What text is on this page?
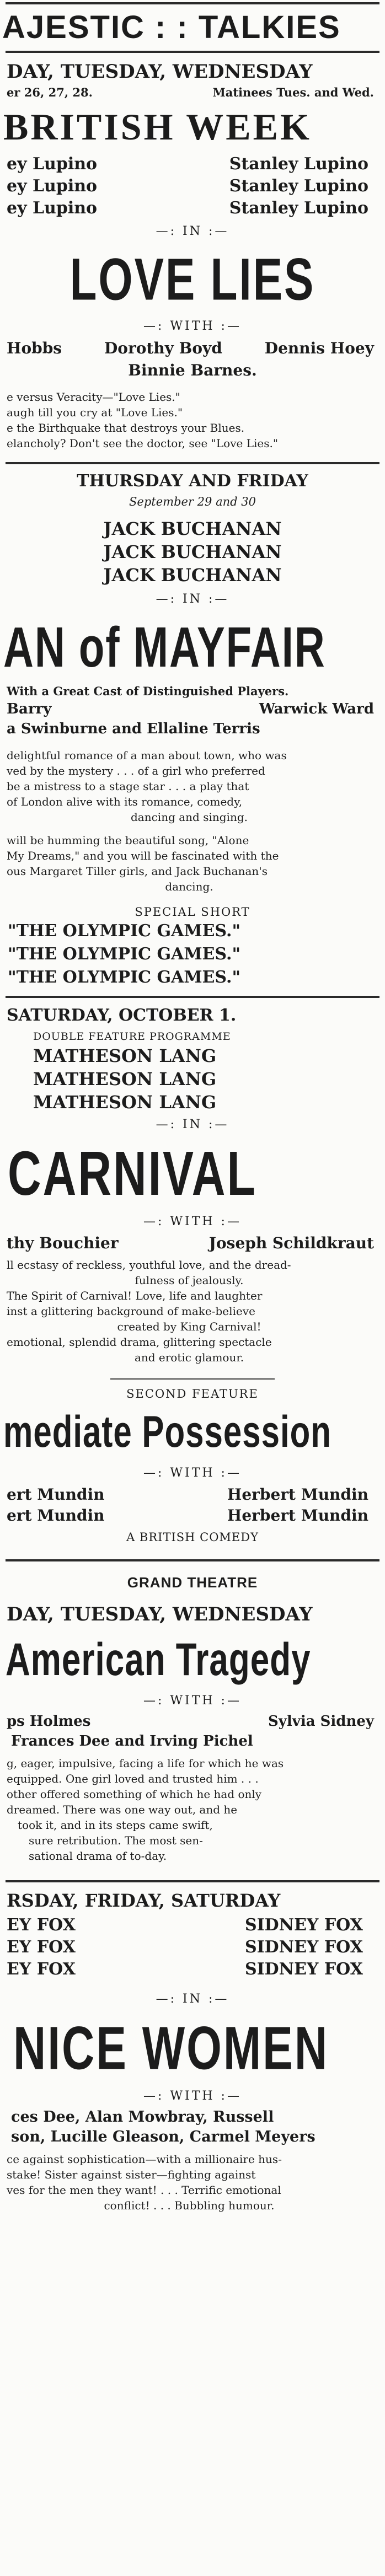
AJESTIC : : TALKIES
DAY, TUESDAY, WEDNESDAY
er 26, 27, 28.	Matinees Tues. and Wed.
BRITISH WEEK
ey Lupino	Stanley Lupino
ey Lupino	Stanley Lupino
ey Lupino	Stanley Lupino
—: IN :—
LOVE LIES
—: WITH :—
Hobbs	Dorothy Boyd	Dennis Hoey
Binnie Barnes.
e versus Veracity—"Love Lies."
augh till you cry at "Love Lies."
e the Birthquake that destroys your Blues.
elancholy? Don't see the doctor, see "Love Lies."
THURSDAY AND FRIDAY
September 29 and 30
JACK BUCHANAN
JACK BUCHANAN
JACK BUCHANAN
—: IN :—
AN of MAYFAIR
With a Great Cast of Distinguished Players.
Barry	Warwick Ward
a Swinburne and Ellaline Terris
delightful romance of a man about town, who was
ved by the mystery . . . of a girl who preferred
be a mistress to a stage star . . . a play that
of London alive with its romance, comedy,
dancing and singing.
will be humming the beautiful song, "Alone
My Dreams," and you will be fascinated with the
ous Margaret Tiller girls, and Jack Buchanan's
dancing.
SPECIAL SHORT
"THE OLYMPIC GAMES."
"THE OLYMPIC GAMES."
"THE OLYMPIC GAMES."
SATURDAY, OCTOBER 1.
DOUBLE FEATURE PROGRAMME
MATHESON LANG
MATHESON LANG
MATHESON LANG
—: IN :—
CARNIVAL
—: WITH :—
thy Bouchier	Joseph Schildkraut
ll ecstasy of reckless, youthful love, and the dread-
fulness of jealously.
The Spirit of Carnival! Love, life and laughter
inst a glittering background of make-believe
created by King Carnival!
emotional, splendid drama, glittering spectacle
and erotic glamour.
SECOND FEATURE
mediate Possession
—: WITH :—
ert Mundin	Herbert Mundin
ert Mundin	Herbert Mundin
A BRITISH COMEDY
GRAND THEATRE
DAY, TUESDAY, WEDNESDAY
American Tragedy
—: WITH :—
ps Holmes	Sylvia Sidney
Frances Dee and Irving Pichel
g, eager, impulsive, facing a life for which he was
equipped. One girl loved and trusted him . . .
other offered something of which he had only
dreamed. There was one way out, and he
took it, and in its steps came swift,
sure retribution. The most sen-
sational drama of to-day.
RSDAY, FRIDAY, SATURDAY
EY FOX	SIDNEY FOX
EY FOX	SIDNEY FOX
EY FOX	SIDNEY FOX
—: IN :—
NICE WOMEN
—: WITH :—
ces Dee, Alan Mowbray, Russell
son, Lucille Gleason, Carmel Meyers
ce against sophistication—with a millionaire hus-
stake! Sister against sister—fighting against
ves for the men they want! . . . Terrific emotional
conflict! . . . Bubbling humour.
